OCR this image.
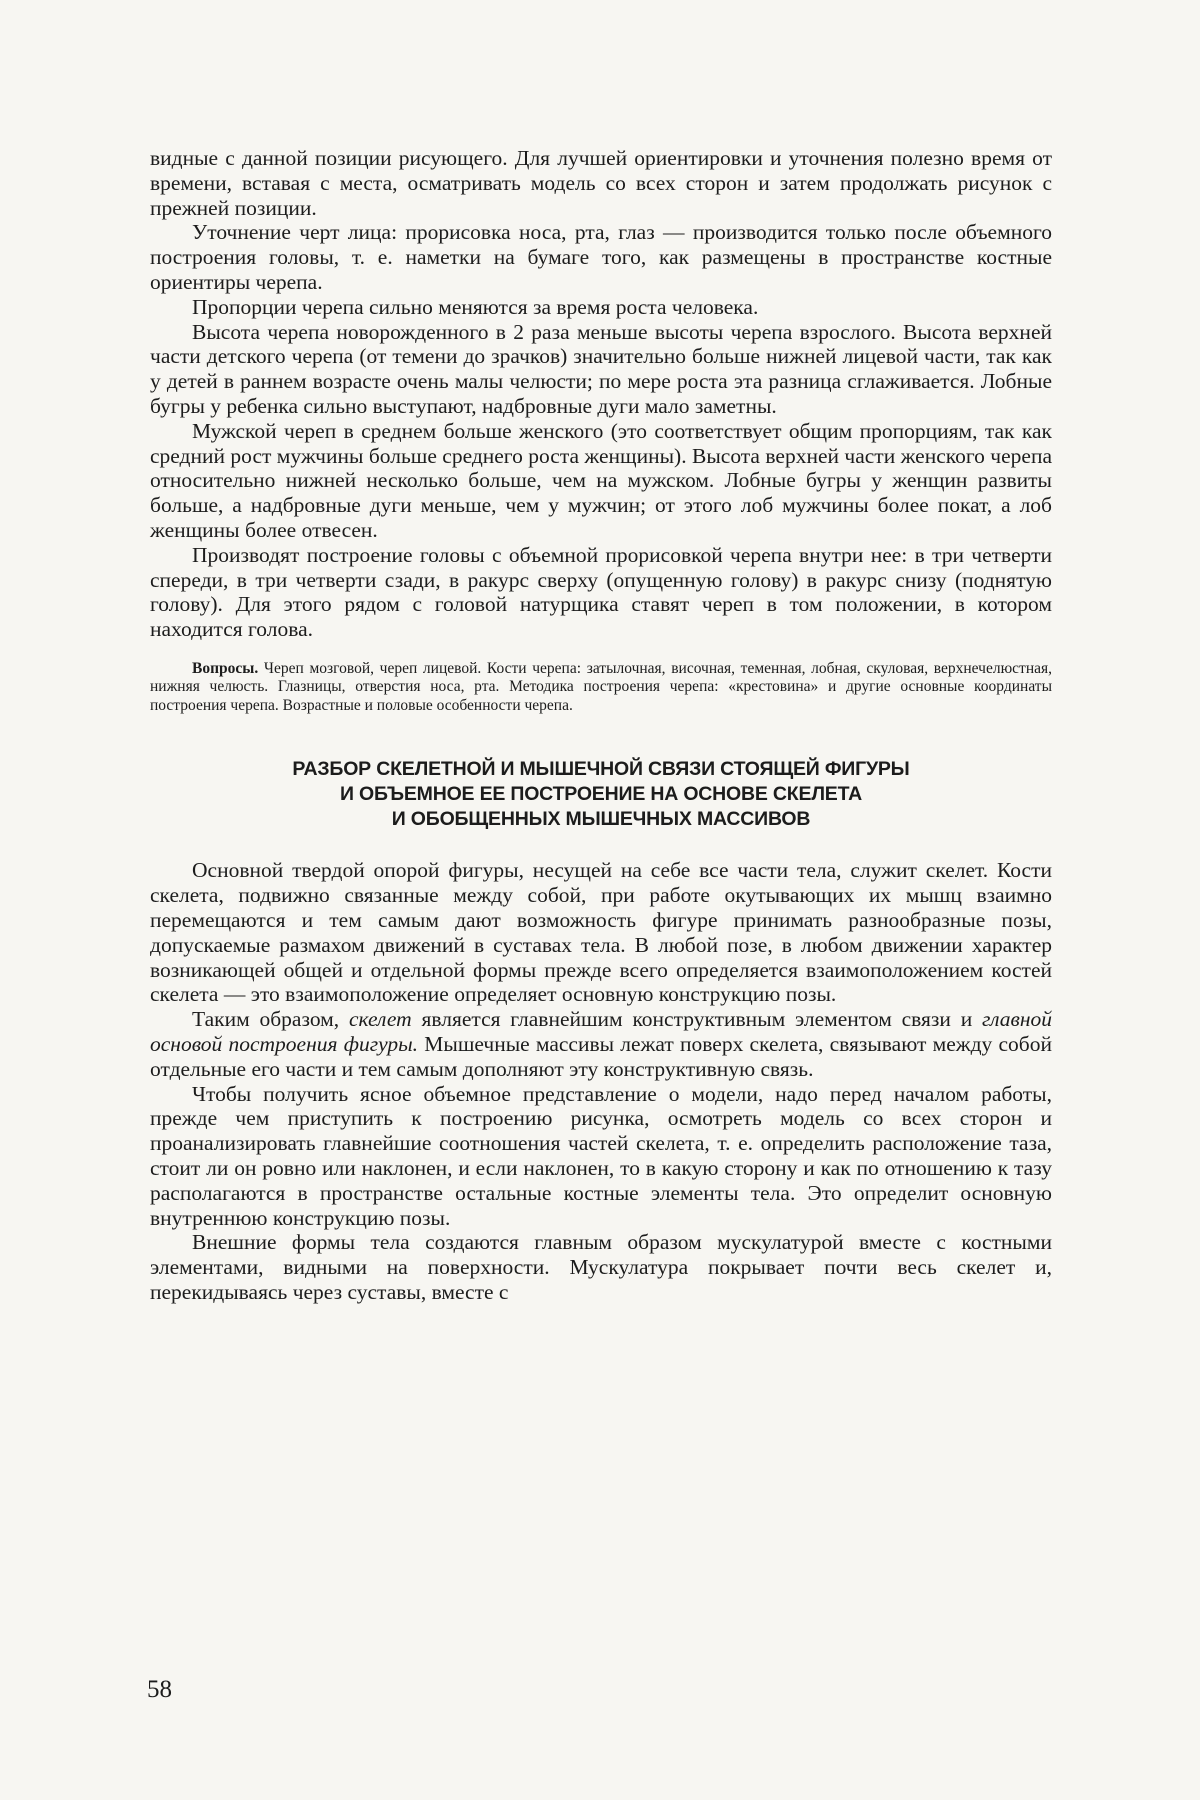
видные с данной позиции рисующего. Для лучшей ориентировки и уточнения полезно время от времени, вставая с места, осматривать модель со всех сторон и затем продолжать рисунок с прежней позиции.

Уточнение черт лица: прорисовка носа, рта, глаз — производится только после объемного построения головы, т. е. наметки на бумаге того, как размещены в пространстве костные ориентиры черепа.

Пропорции черепа сильно меняются за время роста человека.

Высота черепа новорожденного в 2 раза меньше высоты черепа взрослого. Высота верхней части детского черепа (от темени до зрачков) значительно больше нижней лицевой части, так как у детей в раннем возрасте очень малы челюсти; по мере роста эта разница сглаживается. Лобные бугры у ребенка сильно выступают, надбровные дуги мало заметны.

Мужской череп в среднем больше женского (это соответствует общим пропорциям, так как средний рост мужчины больше среднего роста женщины). Высота верхней части женского черепа относительно нижней несколько больше, чем на мужском. Лобные бугры у женщин развиты больше, а надбровные дуги меньше, чем у мужчин; от этого лоб мужчины более покат, а лоб женщины более отвесен.

Производят построение головы с объемной прорисовкой черепа внутри нее: в три четверти спереди, в три четверти сзади, в ракурс сверху (опущенную голову) в ракурс снизу (поднятую голову). Для этого рядом с головой натурщика ставят череп в том положении, в котором находится голова.

Вопросы. Череп мозговой, череп лицевой. Кости черепа: затылочная, височная, теменная, лобная, скуловая, верхнечелюстная, нижняя челюсть. Глазницы, отверстия носа, рта. Методика построения черепа: «крестовина» и другие основные координаты построения черепа. Возрастные и половые особенности черепа.

РАЗБОР СКЕЛЕТНОЙ И МЫШЕЧНОЙ СВЯЗИ СТОЯЩЕЙ ФИГУРЫ
И ОБЪЕМНОЕ ЕЕ ПОСТРОЕНИЕ НА ОСНОВЕ СКЕЛЕТА
И ОБОБЩЕННЫХ МЫШЕЧНЫХ МАССИВОВ

Основной твердой опорой фигуры, несущей на себе все части тела, служит скелет. Кости скелета, подвижно связанные между собой, при работе окутывающих их мышц взаимно перемещаются и тем самым дают возможность фигуре принимать разнообразные позы, допускаемые размахом движений в суставах тела. В любой позе, в любом движении характер возникающей общей и отдельной формы прежде всего определяется взаимоположением костей скелета — это взаимоположение определяет основную конструкцию позы.

Таким образом, скелет является главнейшим конструктивным элементом связи и главной основой построения фигуры. Мышечные массивы лежат поверх скелета, связывают между собой отдельные его части и тем самым дополняют эту конструктивную связь.

Чтобы получить ясное объемное представление о модели, надо перед началом работы, прежде чем приступить к построению рисунка, осмотреть модель со всех сторон и проанализировать главнейшие соотношения частей скелета, т. е. определить расположение таза, стоит ли он ровно или наклонен, и если наклонен, то в какую сторону и как по отношению к тазу располагаются в пространстве остальные костные элементы тела. Это определит основную внутреннюю конструкцию позы.

Внешние формы тела создаются главным образом мускулатурой вместе с костными элементами, видными на поверхности. Мускулатура покрывает почти весь скелет и, перекидываясь через суставы, вместе с

58
